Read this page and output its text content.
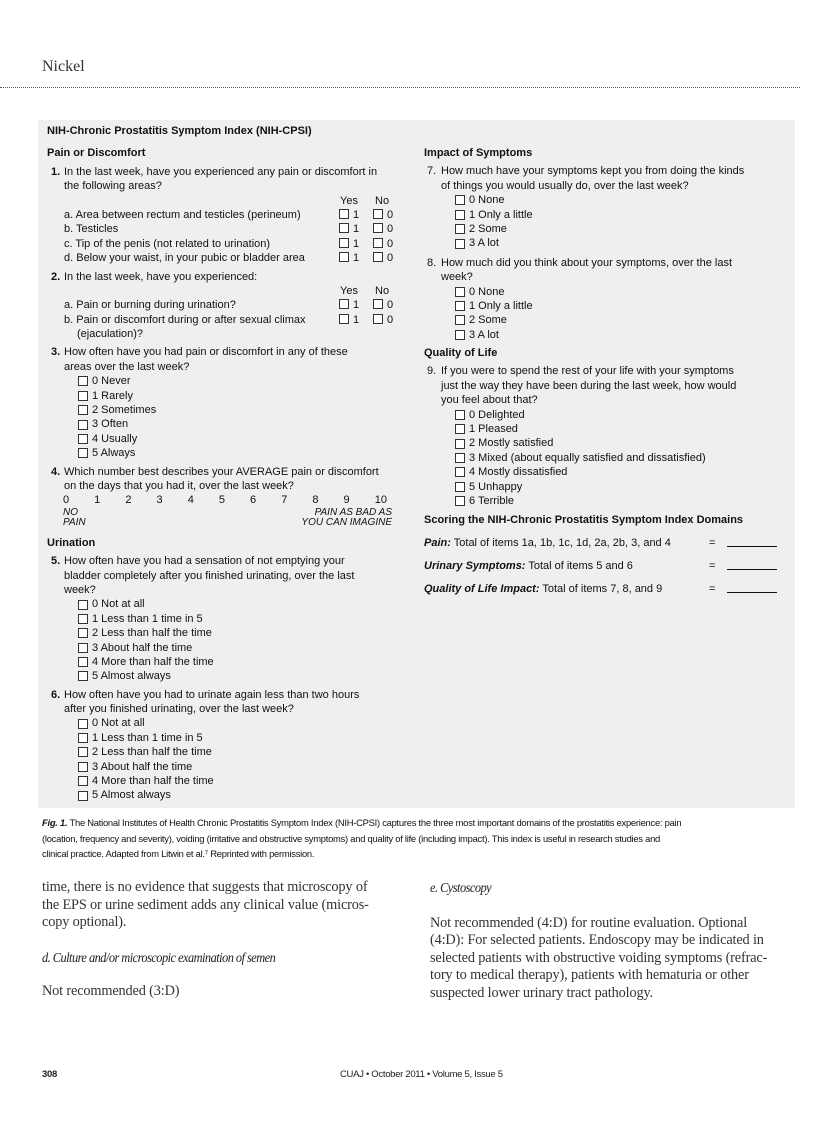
Nickel
NIH-Chronic Prostatitis Symptom Index (NIH-CPSI)
Pain or Discomfort
1. In the last week, have you experienced any pain or discomfort in
the following areas?
Yes No
a. Area between rectum and testicles (perineum)	1	0
b. Testicles	1	0
c. Tip of the penis (not related to urination)	1	0
d. Below your waist, in your pubic or bladder area	1	0
2. In the last week, have you experienced:
Yes No
a. Pain or burning during urination?	1	0
b. Pain or discomfort during or after sexual climax	1	0
(ejaculation)?
3. How often have you had pain or discomfort in any of these
areas over the last week?
0 Never
1 Rarely
2 Sometimes
3 Often
4 Usually
5 Always
4. Which number best describes your AVERAGE pain or discomfort
on the days that you had it, over the last week?
0 1 2 3 4 5 6 7 8 9 10
NO
PAIN
PAIN AS BAD AS
YOU CAN IMAGINE
Urination
5. How often have you had a sensation of not emptying your
bladder completely after you finished urinating, over the last
week?
0 Not at all
1 Less than 1 time in 5
2 Less than half the time
3 About half the time
4 More than half the time
5 Almost always
6. How often have you had to urinate again less than two hours
after you finished urinating, over the last week?
0 Not at all
1 Less than 1 time in 5
2 Less than half the time
3 About half the time
4 More than half the time
5 Almost always
Impact of Symptoms
7. How much have your symptoms kept you from doing the kinds
of things you would usually do, over the last week?
0 None
1 Only a little
2 Some
3 A lot
8. How much did you think about your symptoms, over the last
week?
0 None
1 Only a little
2 Some
3 A lot
Quality of Life
9. If you were to spend the rest of your life with your symptoms
just the way they have been during the last week, how would
you feel about that?
0 Delighted
1 Pleased
2 Mostly satisfied
3 Mixed (about equally satisfied and dissatisfied)
4 Mostly dissatisfied
5 Unhappy
6 Terrible
Scoring the NIH-Chronic Prostatitis Symptom Index Domains
Pain: Total of items 1a, 1b, 1c, 1d, 2a, 2b, 3, and 4	=
Urinary Symptoms: Total of items 5 and 6	=
Quality of Life Impact: Total of items 7, 8, and 9	=
Fig. 1. The National Institutes of Health Chronic Prostatitis Symptom Index (NIH-CPSI) captures the three most important domains of the prostatitis experience: pain
(location, frequency and severity), voiding (irritative and obstructive symptoms) and quality of life (including impact). This index is useful in research studies and
clinical practice. Adapted from Litwin et al.⁷ Reprinted with permission.
time, there is no evidence that suggests that microscopy of
the EPS or urine sediment adds any clinical value (micros-
copy optional).
d. Culture and/or microscopic examination of semen
Not recommended (3:D)
e. Cystoscopy
Not recommended (4:D) for routine evaluation. Optional
(4:D): For selected patients. Endoscopy may be indicated in
selected patients with obstructive voiding symptoms (refrac-
tory to medical therapy), patients with hematuria or other
suspected lower urinary tract pathology.
308	CUAJ • October 2011 • Volume 5, Issue 5
